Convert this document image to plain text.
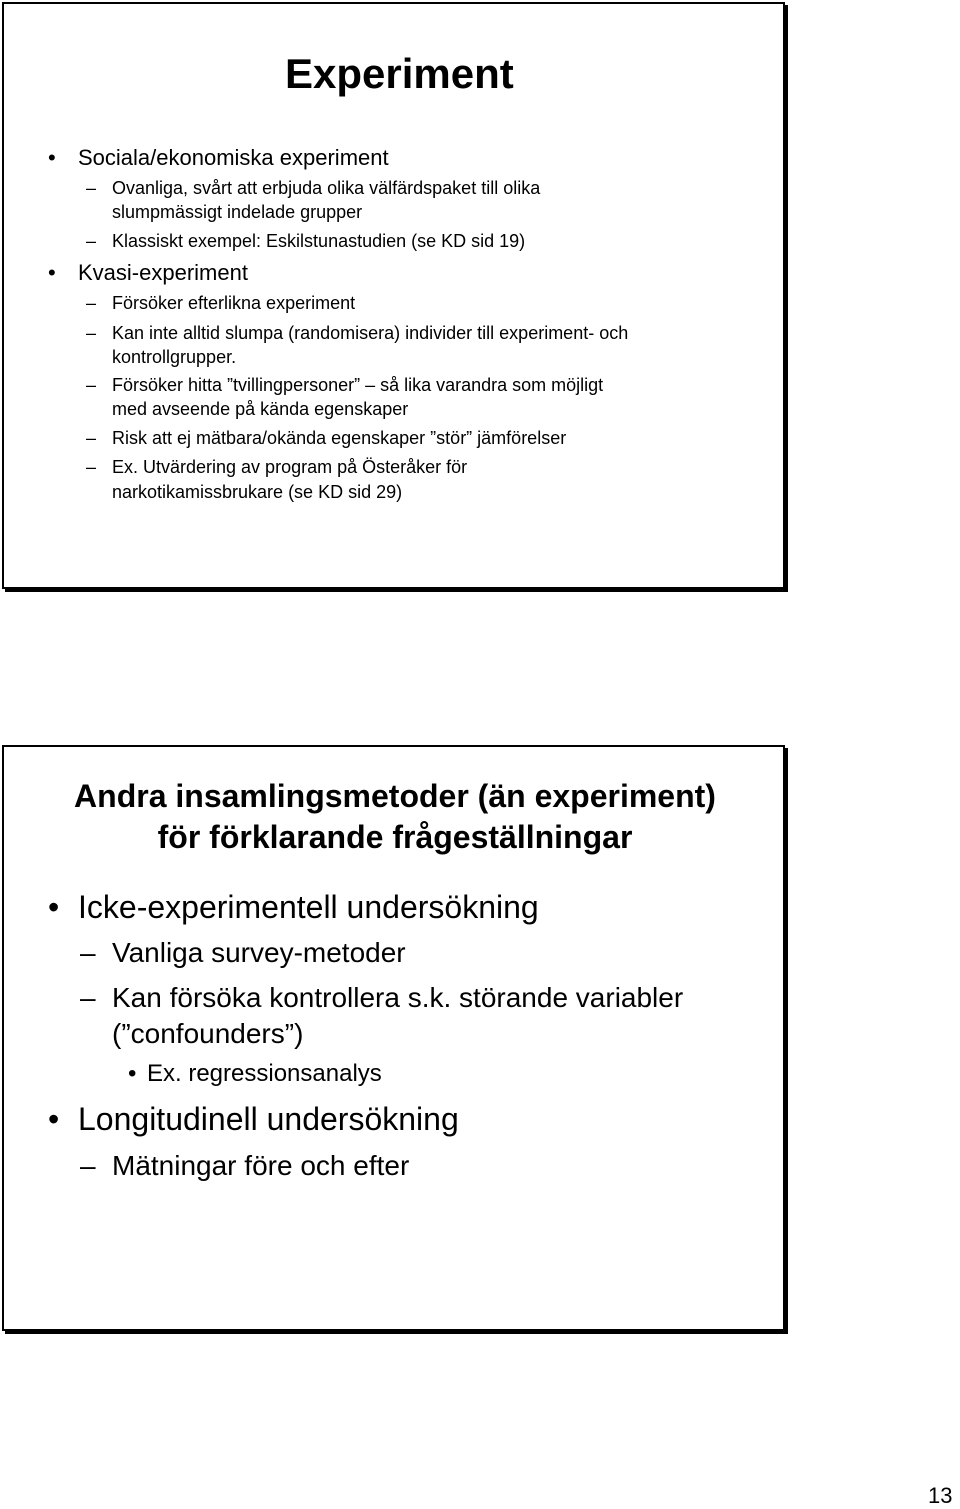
Experiment
• Sociala/ekonomiska experiment

– Ovanliga, svårt att erbjuda olika välfärdspaket till olika

slumpmässigt indelade grupper

– Klassiskt exempel: Eskilstunastudien (se KD sid 19)

• Kvasi-experiment

– Försöker efterlikna experiment

– Kan inte alltid slumpa (randomisera) individer till experiment- och

kontrollgrupper.

– Försöker hitta ”tvillingpersoner” – så lika varandra som möjligt

med avseende på kända egenskaper

– Risk att ej mätbara/okända egenskaper ”stör” jämförelser

– Ex. Utvärdering av program på Österåker för

narkotikamissbrukare (se KD sid 29)

Andra insamlingsmetoder (än experiment)
för förklarande frågeställningar
• Icke-experimentell undersökning

– Vanliga survey-metoder

– Kan försöka kontrollera s.k. störande variabler

(”confounders”)

• Ex. regressionsanalys

• Longitudinell undersökning

– Mätningar före och efter

13
